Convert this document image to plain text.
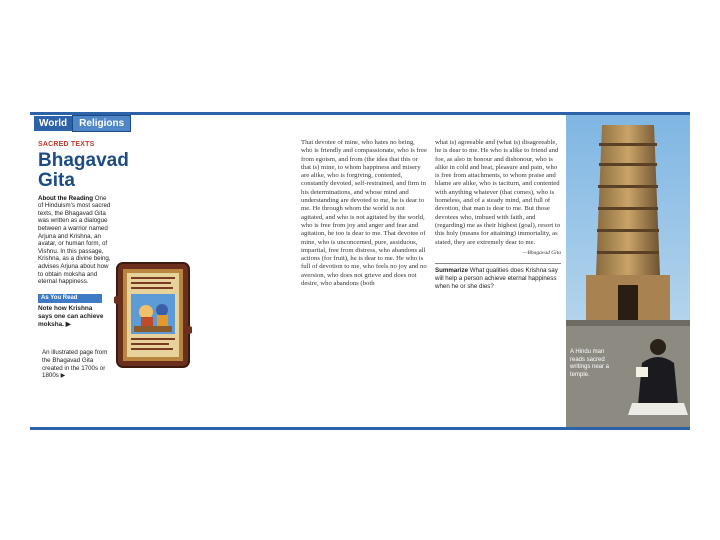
World	Religions
SACRED TEXTS
Bhagavad Gita
About the Reading One of Hinduism's most sacred texts, the Bhagavad Gita was written as a dialogue between a warrior named Arjuna and Krishna, an avatar, or human form, of Vishnu. In this passage, Krishna, as a divine being, advises Arjuna about how to obtain moksha and eternal happiness.
As You Read
Note how Krishna says one can achieve moksha. ▶
An illustrated page from the Bhagavad Gita created in the 1700s or 1800s ▶
That devotee of mine, who hates no being, who is friendly and compassionate, who is free from egoism, and from (the idea that this or that is) mine, to whom happiness and misery are alike, who is forgiving, contented, constantly devoted, self-restrained, and firm in his determinations, and whose mind and understanding are devoted to me, he is dear to me. He through whom the world is not agitated, and who is not agitated by the world, who is free from joy and anger and fear and agitation, he too is dear to me. That devotee of mine, who is unconcerned, pure, assiduous, impartial, free from distress, who abandons all actions (for fruit), he is dear to me. He who is full of devotion to me, who feels no joy and no aversion, who does not grieve and does not desire, who abandons (both
what is) agreeable and (what is) disagreeable, he is dear to me. He who is alike to friend and foe, as also in honour and dishonour, who is alike in cold and heat, pleasure and pain, who is free from attachments, to whom praise and blame are alike, who is taciturn, and contented with anything whatever (that comes), who is homeless, and of a steady mind, and full of devotion, that man is dear to me. But those devotees who, imbued with faith, and (regarding) me as their highest (goal), resort to this holy (means for attaining) immortality, as stated, they are extremely dear to me.
—Bhagavad Gita
Summarize What qualities does Krishna say will help a person achieve eternal happiness when he or she dies?
A Hindu man reads sacred writings near a temple.
